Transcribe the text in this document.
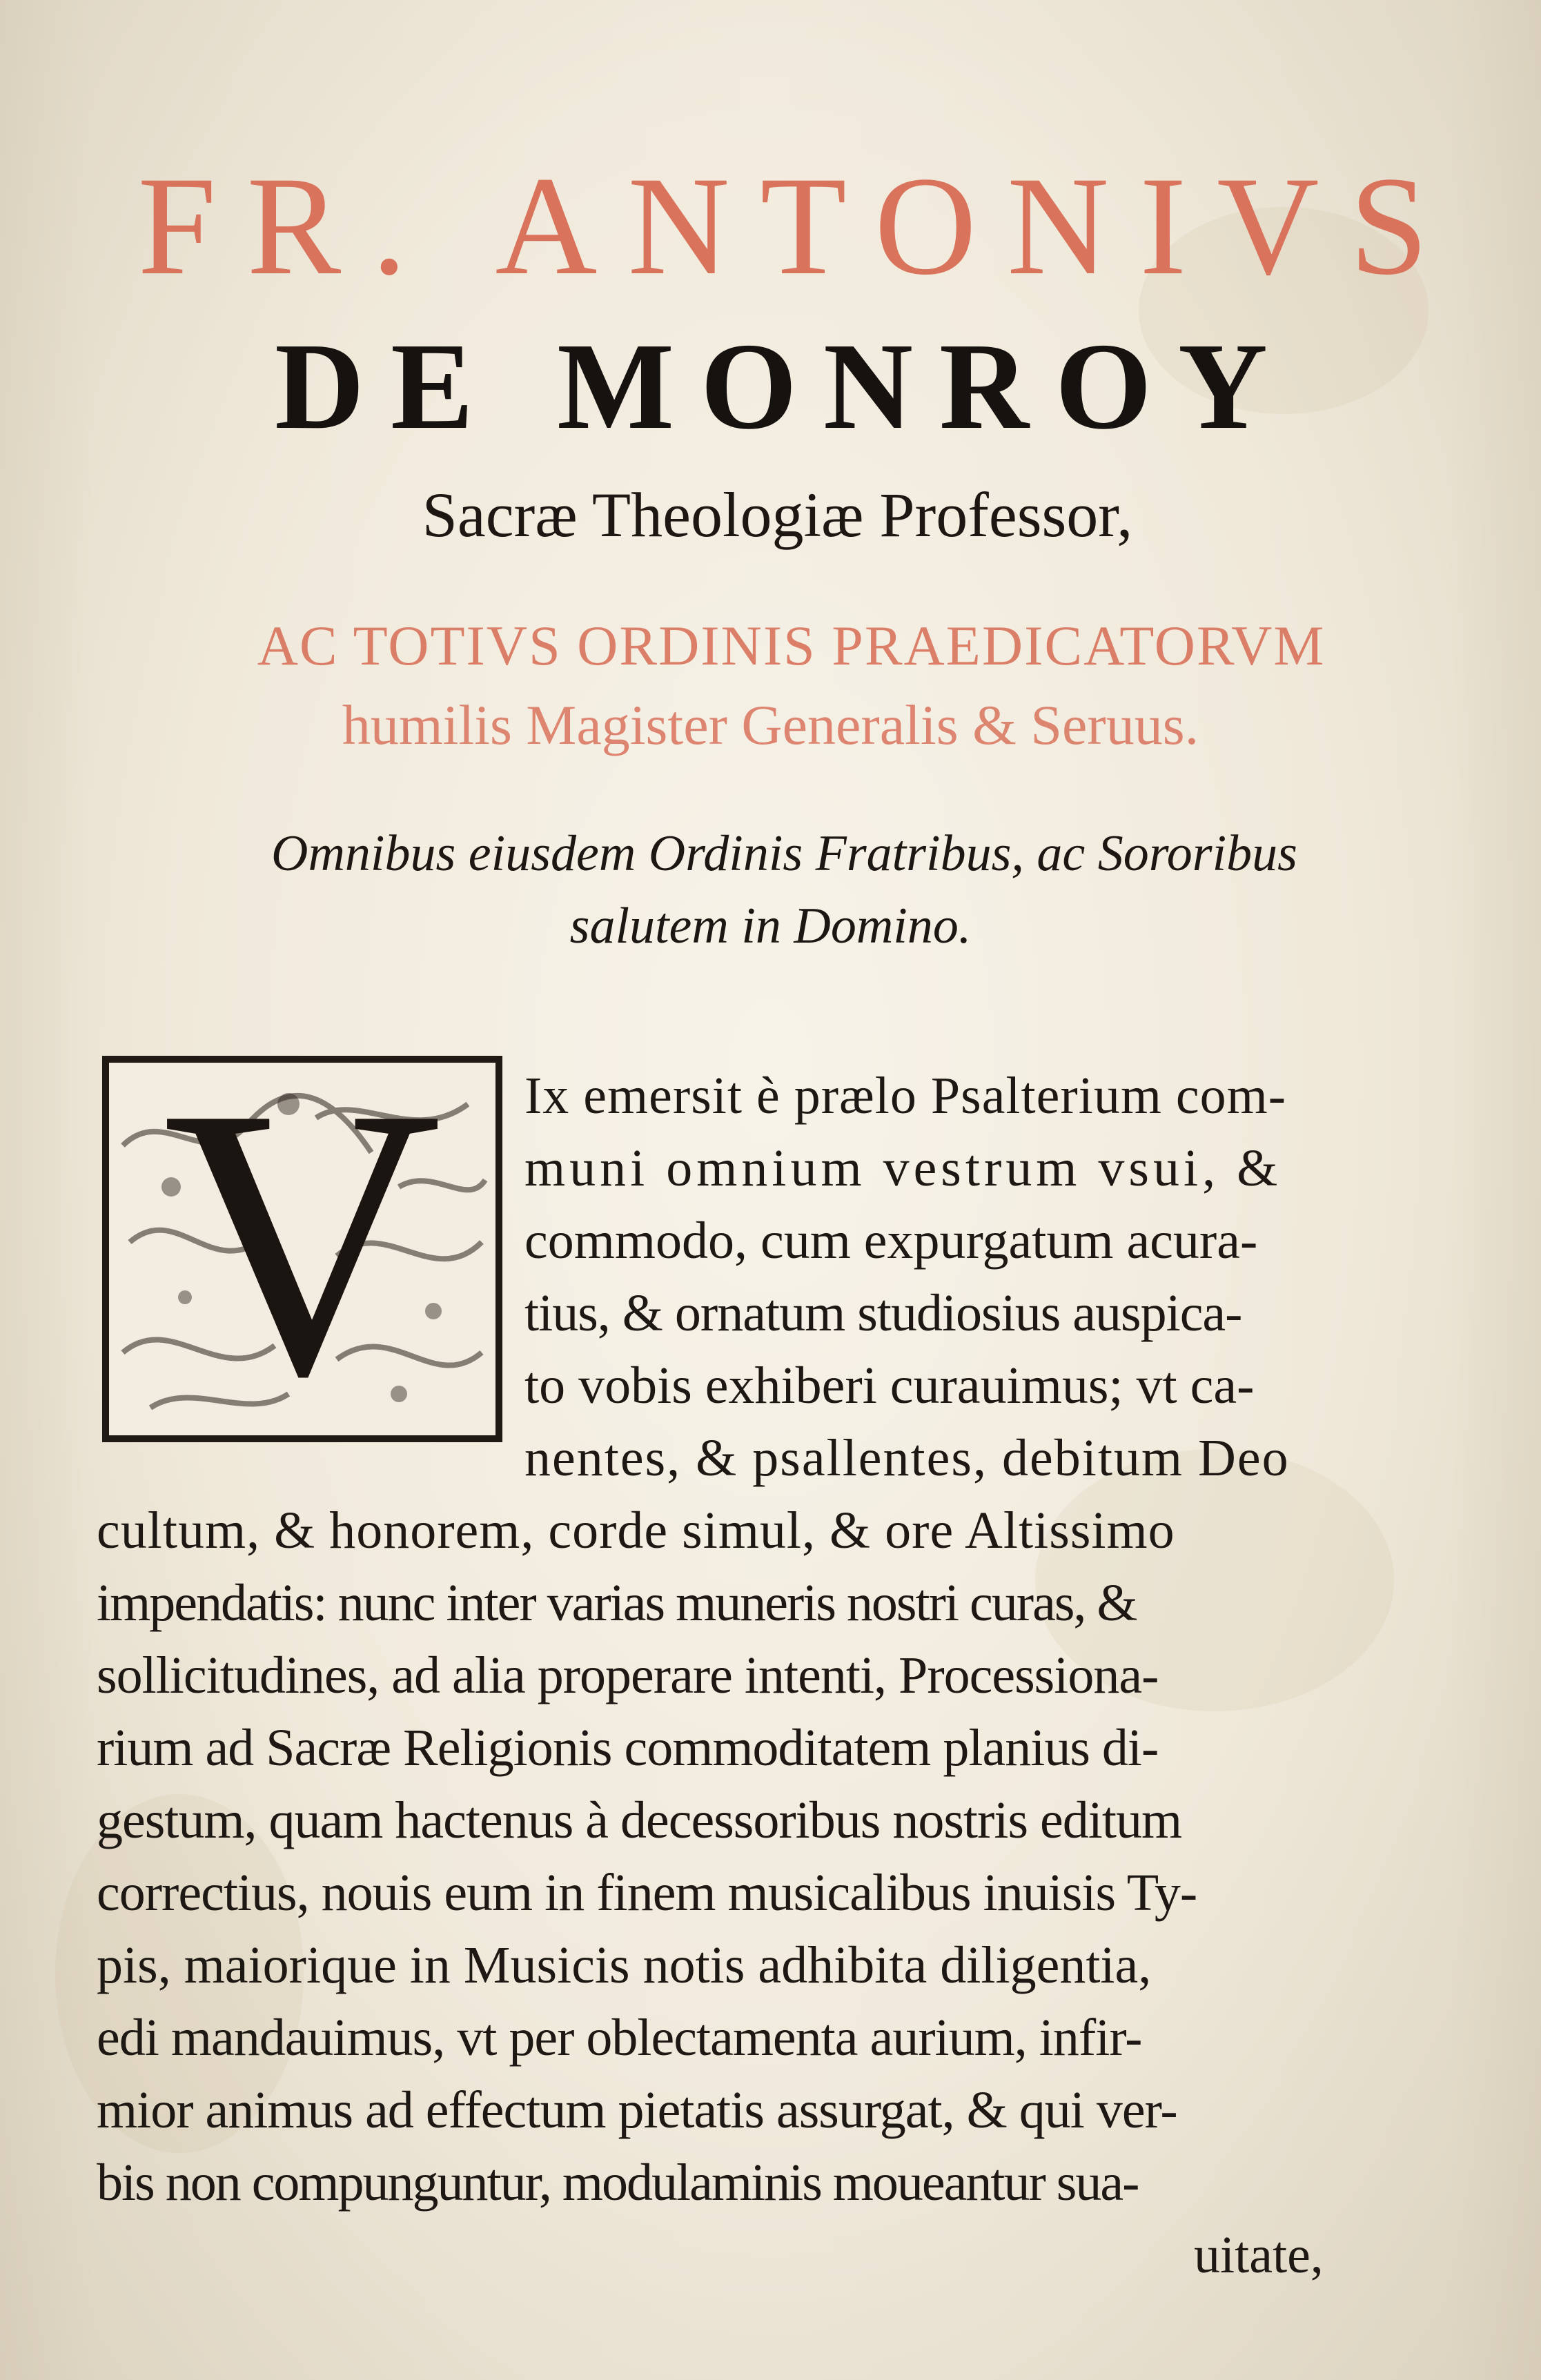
FR. ANTONIVS
DE MONROY
Sacræ Theologiæ Professor,
AC TOTIVS ORDINIS PRAEDICATORVM
humilis Magister Generalis & Seruus.
Omnibus eiusdem Ordinis Fratribus, ac Sororibus
salutem in Domino.
V	Ix emersit è prælo Psalterium com-
muni omnium vestrum vsui, &
commodo, cum expurgatum acura-
tius, & ornatum studiosius auspica-
to vobis exhiberi curauimus; vt ca-
nentes, & psallentes, debitum Deo
cultum, & honorem, corde simul, & ore Altissimo
impendatis: nunc inter varias muneris nostri curas, &
sollicitudines, ad alia properare intenti, Processiona-
rium ad Sacræ Religionis commoditatem planius di-
gestum, quam hactenus à decessoribus nostris editum
correctius, nouis eum in finem musicalibus inuisis Ty-
pis, maiorique in Musicis notis adhibita diligentia,
edi mandauimus, vt per oblectamenta aurium, infir-
mior animus ad effectum pietatis assurgat, & qui ver-
bis non compunguntur, modulaminis moueantur sua-
uitate,
